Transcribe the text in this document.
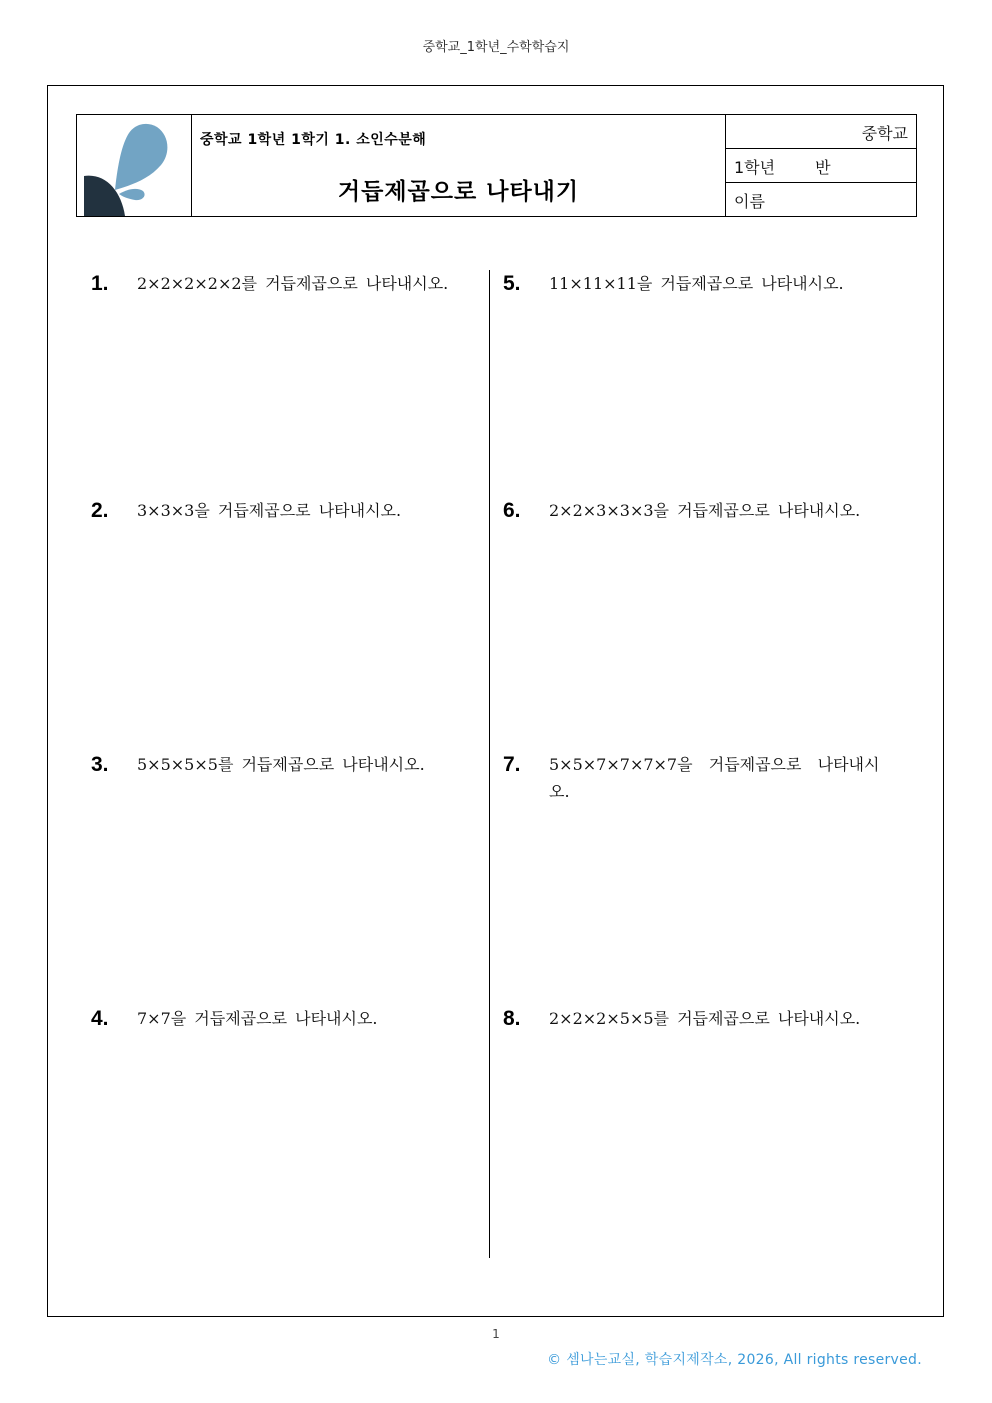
중학교_1학년_수학학습지
중학교 1학년 1학기 1. 소인수분해
거듭제곱으로 나타내기
중학교
1학년	반
이름
1. 2×2×2×2×2를 거듭제곱으로 나타내시오.
2. 3×3×3을 거듭제곱으로 나타내시오.
3. 5×5×5×5를 거듭제곱으로 나타내시오.
4. 7×7을 거듭제곱으로 나타내시오.
5. 11×11×11을 거듭제곱으로 나타내시오.
6. 2×2×3×3×3을 거듭제곱으로 나타내시오.
7. 5×5×7×7×7×7을  거듭제곱으로  나타내시오.
8. 2×2×2×5×5를 거듭제곱으로 나타내시오.
1
© 셈나는교실, 학습지제작소, 2026, All rights reserved.
